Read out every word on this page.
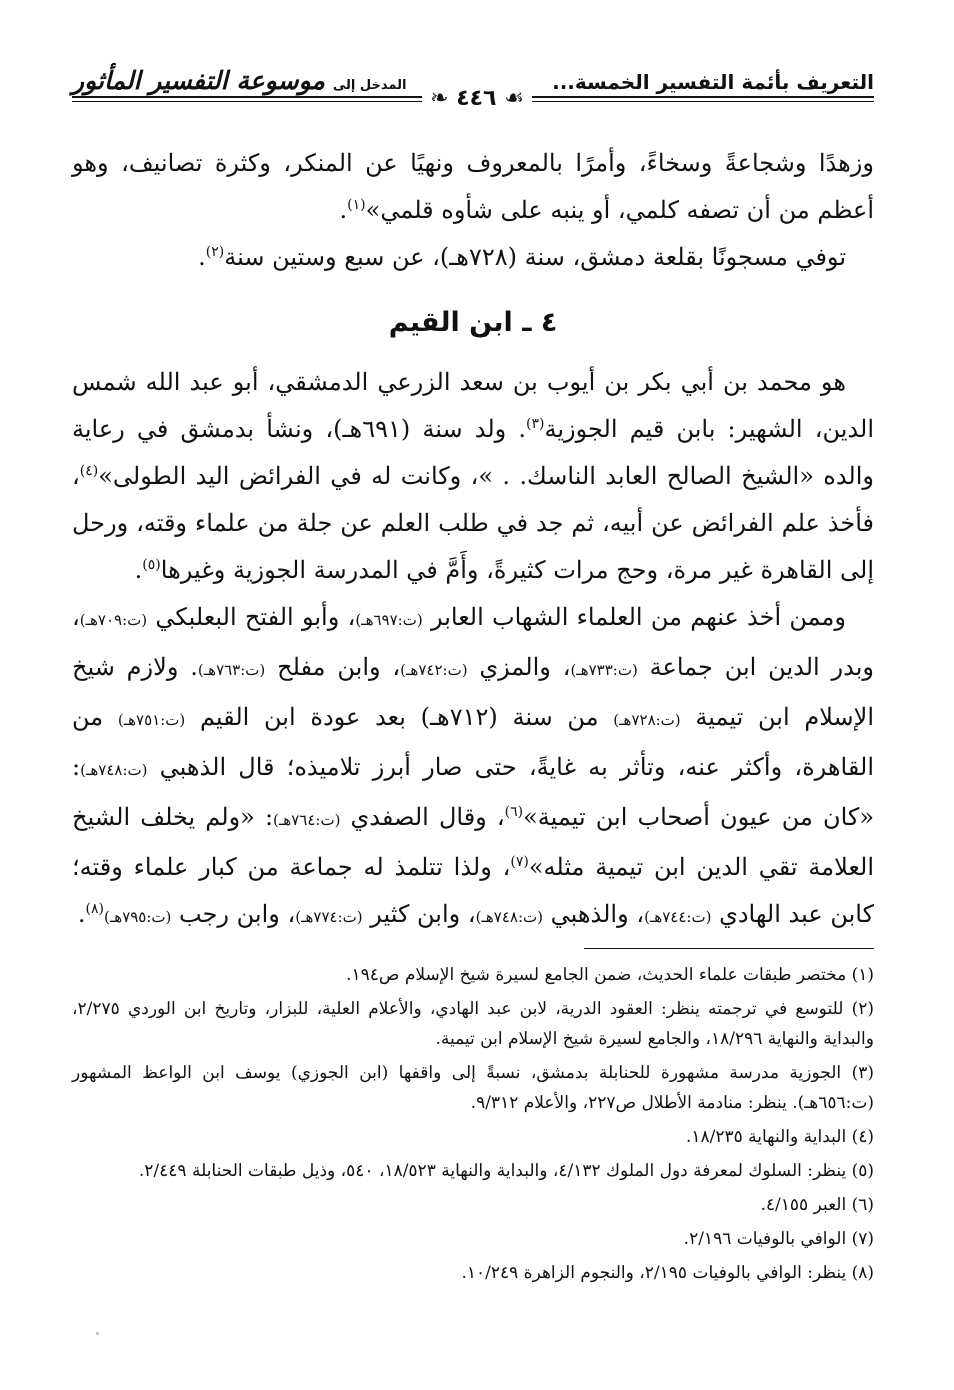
التعريف بأئمة التفسير الخمسة...
المدخل إلى
موسوعة التفسير المأثور
❧ ٤٤٦ ☙

وزهدًا وشجاعةً وسخاءً، وأمرًا بالمعروف ونهيًا عن المنكر، وكثرة تصانيف، وهو أعظم من أن تصفه كلمي، أو ينبه على شأوه قلمي»$^{(١)}$.

توفي مسجونًا بقلعة دمشق، سنة (٧٢٨هـ)، عن سبع وستين سنة$^{(٢)}$.

٤ ـ ابن القيم

هو محمد بن أبي بكر بن أيوب بن سعد الزرعي الدمشقي، أبو عبد الله شمس الدين، الشهير: بابن قيم الجوزية$^{(٣)}$. ولد سنة (٦٩١هـ)، ونشأ بدمشق في رعاية والده «الشيخ الصالح العابد الناسك. . »، وكانت له في الفرائض اليد الطولى»$^{(٤)}$، فأخذ علم الفرائض عن أبيه، ثم جد في طلب العلم عن جلة من علماء وقته، ورحل إلى القاهرة غير مرة، وحج مرات كثيرةً، وأَمَّ في المدرسة الجوزية وغيرها$^{(٥)}$.

وممن أخذ عنهم من العلماء الشهاب العابر (ت:٦٩٧هـ)، وأبو الفتح البعلبكي (ت:٧٠٩هـ)، وبدر الدين ابن جماعة (ت:٧٣٣هـ)، والمزي (ت:٧٤٢هـ)، وابن مفلح (ت:٧٦٣هـ). ولازم شيخ الإسلام ابن تيمية (ت:٧٢٨هـ) من سنة (٧١٢هـ) بعد عودة ابن القيم (ت:٧٥١هـ) من القاهرة، وأكثر عنه، وتأثر به غايةً، حتى صار أبرز تلاميذه؛ قال الذهبي (ت:٧٤٨هـ): «كان من عيون أصحاب ابن تيمية»$^{(٦)}$، وقال الصفدي (ت:٧٦٤هـ): «ولم يخلف الشيخ العلامة تقي الدين ابن تيمية مثله»$^{(٧)}$، ولذا تتلمذ له جماعة من كبار علماء وقته؛ كابن عبد الهادي (ت:٧٤٤هـ)، والذهبي (ت:٧٤٨هـ)، وابن كثير (ت:٧٧٤هـ)، وابن رجب (ت:٧٩٥هـ)$^{(٨)}$.

(١) مختصر طبقات علماء الحديث، ضمن الجامع لسيرة شيخ الإسلام ص١٩٤.

(٢) للتوسع في ترجمته ينظر: العقود الدرية، لابن عبد الهادي، والأعلام العلية، للبزار، وتاريخ ابن الوردي ٢/٢٧٥، والبداية والنهاية ١٨/٢٩٦، والجامع لسيرة شيخ الإسلام ابن تيمية.

(٣) الجوزية مدرسة مشهورة للحنابلة بدمشق، نسبةً إلى واقفها (ابن الجوزي) يوسف ابن الواعظ المشهور (ت:٦٥٦هـ). ينظر: منادمة الأطلال ص٢٢٧، والأعلام ٩/٣١٢.

(٤) البداية والنهاية ١٨/٢٣٥.

(٥) ينظر: السلوك لمعرفة دول الملوك ٤/١٣٢، والبداية والنهاية ١٨/٥٢٣، ٥٤٠، وذيل طبقات الحنابلة ٢/٤٤٩.

(٦) العبر ٤/١٥٥.

(٧) الوافي بالوفيات ٢/١٩٦.

(٨) ينظر: الوافي بالوفيات ٢/١٩٥، والنجوم الزاهرة ١٠/٢٤٩.
